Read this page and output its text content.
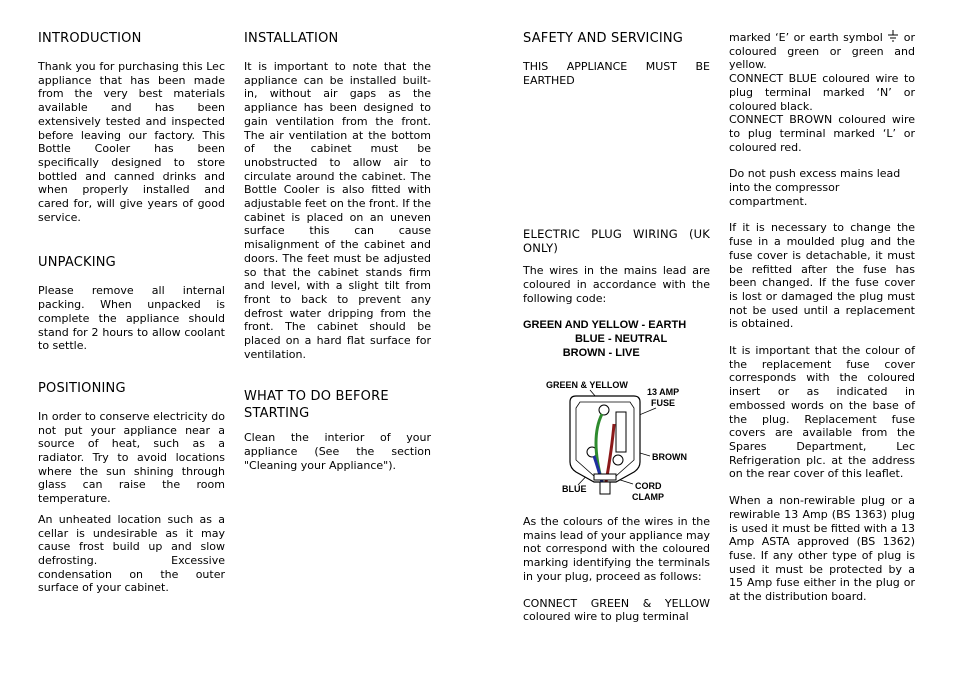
INTRODUCTION

Thank you for purchasing this Lec appliance that has been made from the very best materials available and has been extensively tested and inspected before leaving our factory. This Bottle Cooler has been specifically designed to store bottled and canned drinks and when properly installed and cared for, will give years of good service.

UNPACKING

Please remove all internal packing. When unpacked is complete the appliance should stand for 2 hours to allow coolant to settle.

POSITIONING

In order to conserve electricity do not put your appliance near a source of heat, such as a radiator. Try to avoid locations where the sun shining through glass can raise the room temperature.

An unheated location such as a cellar is undesirable as it may cause frost build up and slow defrosting. Excessive condensation on the outer surface of your cabinet.

INSTALLATION

It is important to note that the appliance can be installed built-in, without air gaps as the appliance has been designed to gain ventilation from the front. The air ventilation at the bottom of the cabinet must be unobstructed to allow air to circulate around the cabinet. The Bottle Cooler is also fitted with adjustable feet on the front. If the cabinet is placed on an uneven surface this can cause misalignment of the cabinet and doors. The feet must be adjusted so that the cabinet stands firm and level, with a slight tilt from front to back to prevent any defrost water dripping from the front. The cabinet should be placed on a hard flat surface for ventilation.

WHAT TO DO BEFORE STARTING

Clean the interior of your appliance (See the section "Cleaning your Appliance").

SAFETY AND SERVICING

THIS APPLIANCE MUST BE EARTHED

ELECTRIC PLUG WIRING (UK ONLY)

The wires in the mains lead are coloured in accordance with the following code:

GREEN AND YELLOW - EARTH
BLUE - NEUTRAL
BROWN - LIVE
GREEN & YELLOW
13 AMP
FUSE
BROWN
BLUE	CORD
CLAMP

As the colours of the wires in the mains lead of your appliance may not correspond with the coloured marking identifying the terminals in your plug, proceed as follows:

CONNECT GREEN & YELLOW coloured wire to plug terminal

marked ‘E’ or earth symbol  or coloured green or green and yellow.

CONNECT BLUE coloured wire to plug terminal marked ‘N’ or coloured black.

CONNECT BROWN coloured wire to plug terminal marked ‘L’ or coloured red.

Do not push excess mains lead into the compressor compartment.

If it is necessary to change the fuse in a moulded plug and the fuse cover is detachable, it must be refitted after the fuse has been changed. If the fuse cover is lost or damaged the plug must not be used until a replacement is obtained.

It is important that the colour of the replacement fuse cover corresponds with the coloured insert or as indicated in embossed words on the base of the plug. Replacement fuse covers are available from the Spares Department, Lec Refrigeration plc. at the address on the rear cover of this leaflet.

When a non-rewirable plug or a rewirable 13 Amp (BS 1363) plug is used it must be fitted with a 13 Amp ASTA approved (BS 1362) fuse. If any other type of plug is used it must be protected by a 15 Amp fuse either in the plug or at the distribution board.
